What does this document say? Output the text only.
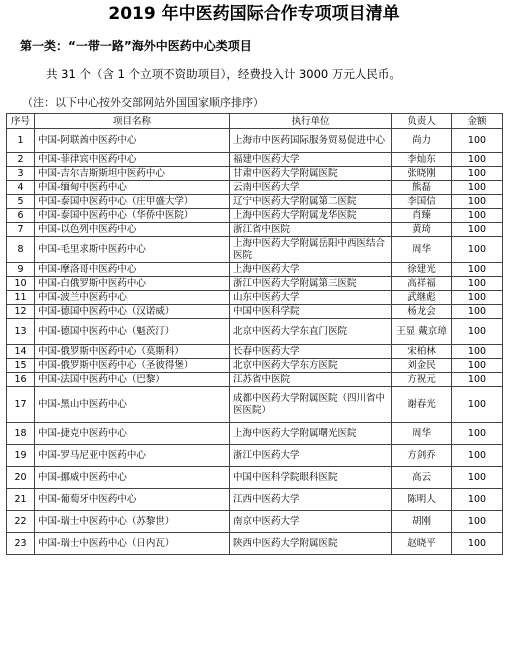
2019 年中医药国际合作专项项目清单
第一类：“一带一路”海外中医药中心类项目
共 31 个（含 1 个立项不资助项目），经费投入计 3000 万元人民币。
（注：以下中心按外交部网站外国国家顺序排序）
序号	项目名称	执行单位	负责人	金额
1	中国-阿联酋中医药中心	上海市中医药国际服务贸易促进中心	尚力	100
2	中国-菲律宾中医药中心	福建中医药大学	李灿东	100
3	中国-吉尔吉斯斯坦中医药中心	甘肃中医药大学附属医院	张晓刚	100
4	中国-缅甸中医药中心	云南中医药大学	熊磊	100
5	中国-泰国中医药中心（庄甲盛大学）	辽宁中医药大学附属第二医院	李国信	100
6	中国-泰国中医药中心（华侨中医院）	上海中医药大学附属龙华医院	肖臻	100
7	中国-以色列中医药中心	浙江省中医院	黄琦	100
8	中国-毛里求斯中医药中心	上海中医药大学附属岳阳中西医结合医院	周华	100
9	中国-摩洛哥中医药中心	上海中医药大学	徐建光	100
10	中国-白俄罗斯中医药中心	浙江中医药大学附属第三医院	高祥福	100
11	中国-波兰中医药中心	山东中医药大学	武继彪	100
12	中国-德国中医药中心（汉诺威）	中国中医科学院	杨龙会	100
13	中国-德国中医药中心（魁茨汀）	北京中医药大学东直门医院	王显 戴京璋	100
14	中国-俄罗斯中医药中心（莫斯科）	长春中医药大学	宋柏林	100
15	中国-俄罗斯中医药中心（圣彼得堡）	北京中医药大学东方医院	刘金民	100
16	中国-法国中医药中心（巴黎）	江苏省中医院	方祝元	100
17	中国-黑山中医药中心	成都中医药大学附属医院（四川省中医医院）	谢春光	100
18	中国-捷克中医药中心	上海中医药大学附属曙光医院	周华	100
19	中国-罗马尼亚中医药中心	浙江中医药大学	方剑乔	100
20	中国-挪威中医药中心	中国中医科学院眼科医院	高云	100
21	中国-葡萄牙中医药中心	江西中医药大学	陈明人	100
22	中国-瑞士中医药中心（苏黎世）	南京中医药大学	胡刚	100
23	中国-瑞士中医药中心（日内瓦）	陕西中医药大学附属医院	赵晓平	100
